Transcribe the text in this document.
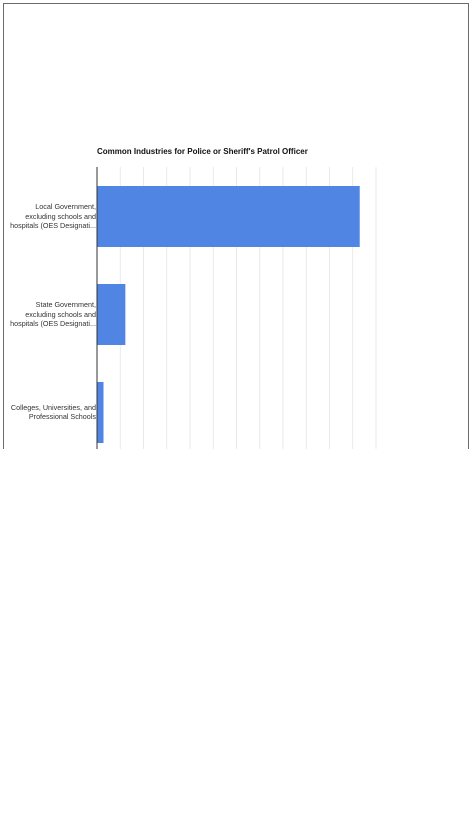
Common Industries for Police or Sheriff's Patrol Officer
Local Government,
excluding schools and
hospitals (OES Designati...
State Government,
excluding schools and
hospitals (OES Designati...
Colleges, Universities, and
Professional Schools
